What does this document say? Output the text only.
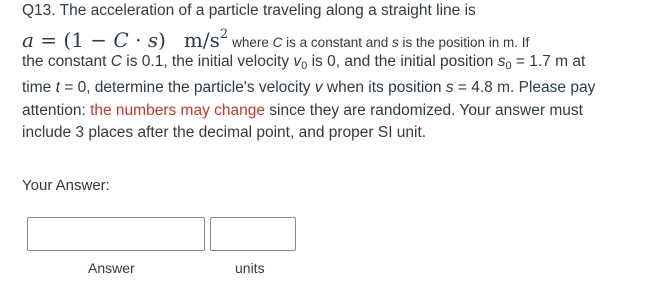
Q13. The acceleration of a particle traveling along a straight line is

a = (1 − C · s) $m/s^2$
where C is a constant and s is the position in m. If

the constant C is 0.1, the initial velocity $v_0$ is 0, and the initial position $s_0 = 1.7$ m at

time t = 0, determine the particle's velocity v when its position s = 4.8 m. Please pay

attention: the numbers may change since they are randomized. Your answer must

include 3 places after the decimal point, and proper SI unit.

Your Answer:
Answer	units
